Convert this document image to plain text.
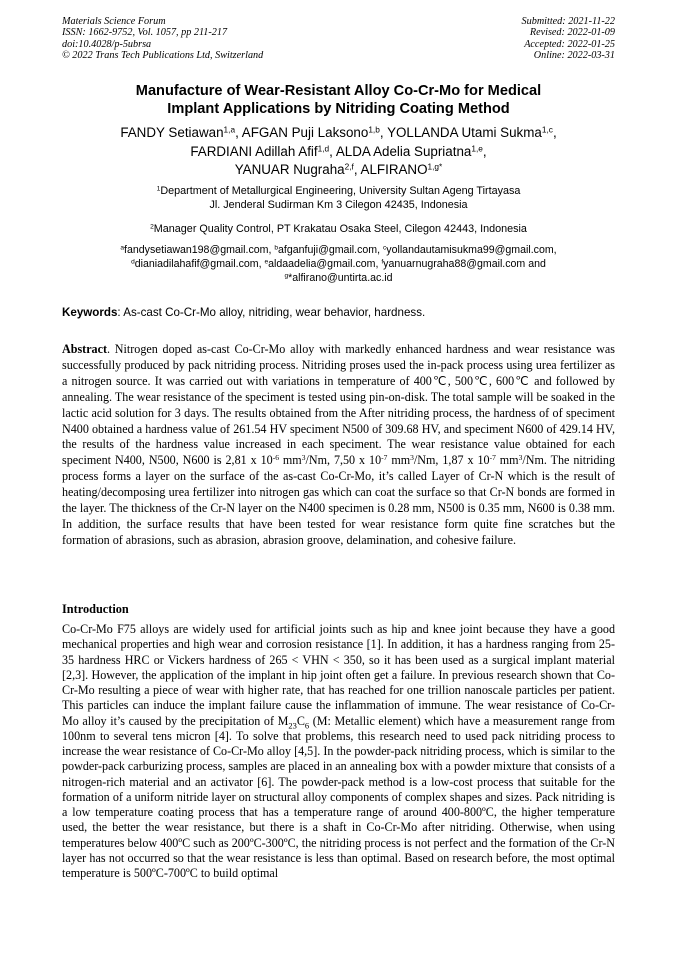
Materials Science Forum
ISSN: 1662-9752, Vol. 1057, pp 211-217
doi:10.4028/p-5ubrsa
© 2022 Trans Tech Publications Ltd, Switzerland
Submitted: 2021-11-22
Revised: 2022-01-09
Accepted: 2022-01-25
Online: 2022-03-31
Manufacture of Wear-Resistant Alloy Co-Cr-Mo for Medical
Implant Applications by Nitriding Coating Method
FANDY Setiawan$^{1,a}$, AFGAN Puji Laksono$^{1,b}$, YOLLANDA Utami Sukma$^{1,c}$,
FARDIANI Adillah Afif$^{1,d}$, ALDA Adelia Supriatna$^{1,e}$,
YANUAR Nugraha$^{2,f}$, $ALFIRANO^{1,g*}$
$^1$Department of Metallurgical Engineering, University Sultan Ageng Tirtayasa
Jl. Jenderal Sudirman Km 3 Cilegon 42435, Indonesia
$^2$Manager Quality Control, PT Krakatau Osaka Steel, Cilegon 42443, Indonesia
$^a$fandysetiawan198@gmail.com, $^b$afganfuji@gmail.com, $^c$yollandautamisukma99@gmail.com,
$^d$dianiadilahafif@gmail.com, $^e$aldaadelia@gmail.com, $^f$yanuarnugraha88@gmail.com and
$^g$*alfirano@untirta.ac.id
Keywords: As-cast Co-Cr-Mo alloy, nitriding, wear behavior, hardness.
Abstract. Nitrogen doped as-cast Co-Cr-Mo alloy with markedly enhanced hardness and wear resistance was successfully produced by pack nitriding process. Nitriding proses used the in-pack process using urea fertilizer as a nitrogen source. It was carried out with variations in temperature of 400℃, 500℃, 600℃ and followed by annealing. The wear resistance of the speciment is tested using pin-on-disk. The total sample will be soaked in the lactic acid solution for 3 days. The results obtained from the After nitriding process, the hardness of of speciment N400 obtained a hardness value of 261.54 HV speciment N500 of 309.68 HV, and speciment N600 of 429.14 HV, the results of the hardness value increased in each speciment. The wear resistance value obtained for each speciment N400, N500, N600 is 2,81 x $10^{-6}$ $mm^3/Nm$, 7,50 x $10^{-7}$ $mm^3/Nm$, 1,87 x $10^{-7}$ $mm^3/Nm$. The nitriding process forms a layer on the surface of the as-cast Co-Cr-Mo, it’s called Layer of Cr-N which is the result of heating/decomposing urea fertilizer into nitrogen gas which can coat the surface so that Cr-N bonds are formed in the layer. The thickness of the Cr-N layer on the N400 specimen is 0.28 mm, N500 is 0.35 mm, N600 is 0.38 mm. In addition, the surface results that have been tested for wear resistance form quite fine scratches but the formation of abrasions, such as abrasion, abrasion groove, delamination, and cohesive failure.
Introduction
Co-Cr-Mo F75 alloys are widely used for artificial joints such as hip and knee joint because they have a good mechanical properties and high wear and corrosion resistance [1]. In addition, it has a hardness ranging from 25-35 hardness HRC or Vickers hardness of 265 < VHN < 350, so it has been used as a surgical implant material [2,3]. However, the application of the implant in hip joint often get a failure. In previous research shown that Co-Cr-Mo resulting a piece of wear with higher rate, that has reached for one trillion nanoscale particles per patient. This particles can induce the implant failure cause the inflammation of immune. The wear resistance of Co-Cr-Mo alloy it’s caused by the precipitation of $M_{23}C_6$ (M: Metallic element) which have a measurement range from 100nm to several tens micron [4]. To solve that problems, this research need to used pack nitriding process to increase the wear resistance of Co-Cr-Mo alloy [4,5]. In the powder-pack nitriding process, which is similar to the powder-pack carburizing process, samples are placed in an annealing box with a powder mixture that consists of a nitrogen-rich material and an activator [6]. The powder-pack method is a low-cost process that suitable for the formation of a uniform nitride layer on structural alloy components of complex shapes and sizes. Pack nitriding is a low temperature coating process that has a temperature range of around 400-800ºC, the higher temperature used, the better the wear resistance, but there is a shaft in Co-Cr-Mo after nitriding. Otherwise, when using temperatures below 400ºC such as 200ºC-300ºC, the nitriding process is not perfect and the formation of the Cr-N layer has not occurred so that the wear resistance is less than optimal. Based on research before, the most optimal temperature is 500ºC-700ºC to build optimal
